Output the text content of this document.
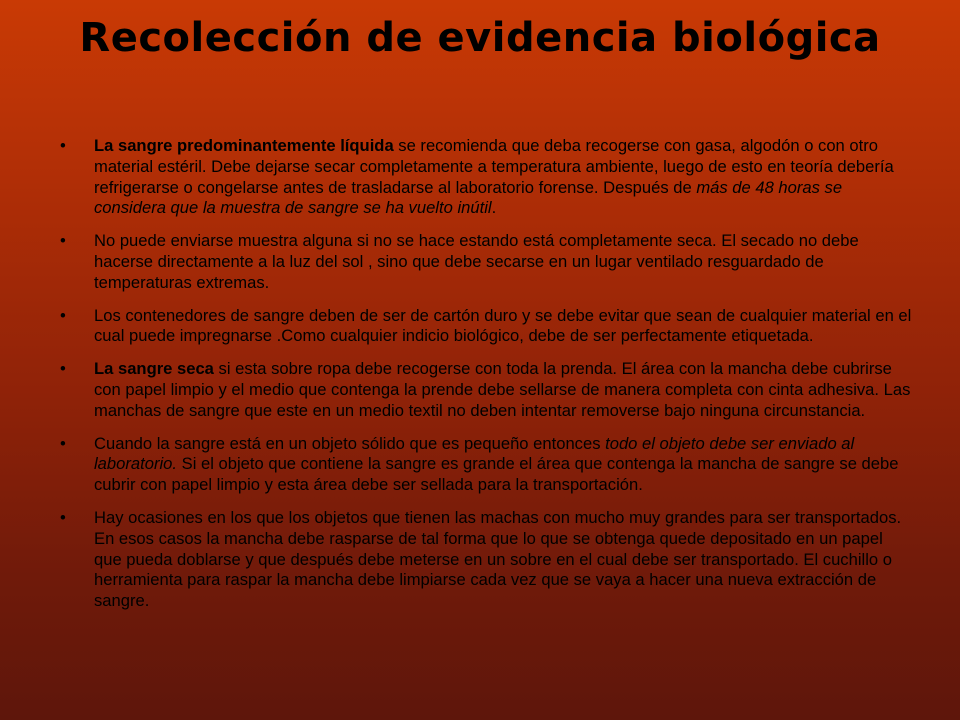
Recolección de evidencia biológica
• La sangre predominantemente líquida se recomienda que deba recogerse con gasa, algodón o con otro material estéril. Debe dejarse secar completamente a temperatura ambiente, luego de esto en teoría debería refrigerarse o congelarse antes de trasladarse al laboratorio forense. Después de más de 48 horas se considera que la muestra de sangre se ha vuelto inútil.
• No puede enviarse muestra alguna si no se hace estando está completamente seca. El secado no debe hacerse directamente a la luz del sol , sino que debe secarse en un lugar ventilado resguardado de temperaturas extremas.
• Los contenedores de sangre deben de ser de cartón duro y se debe evitar que sean de cualquier material en el cual puede impregnarse .Como cualquier indicio biológico, debe de ser perfectamente etiquetada.
• La sangre seca si esta sobre ropa debe recogerse con toda la prenda. El área con la mancha debe cubrirse con papel limpio y el medio que contenga la prende debe sellarse de manera completa con cinta adhesiva. Las manchas de sangre que este en un medio textil no deben intentar removerse bajo ninguna circunstancia.
• Cuando la sangre está en un objeto sólido que es pequeño entonces todo el objeto debe ser enviado al laboratorio. Si el objeto que contiene la sangre es grande el área que contenga la mancha de sangre se debe cubrir con papel limpio y esta área debe ser sellada para la transportación.
• Hay ocasiones en los que los objetos que tienen las machas con mucho muy grandes para ser transportados. En esos casos la mancha debe rasparse de tal forma que lo que se obtenga quede depositado en un papel que pueda doblarse y que después debe meterse en un sobre en el cual debe ser transportado. El cuchillo o herramienta para raspar la mancha debe limpiarse cada vez que se vaya a hacer una nueva extracción de sangre.
